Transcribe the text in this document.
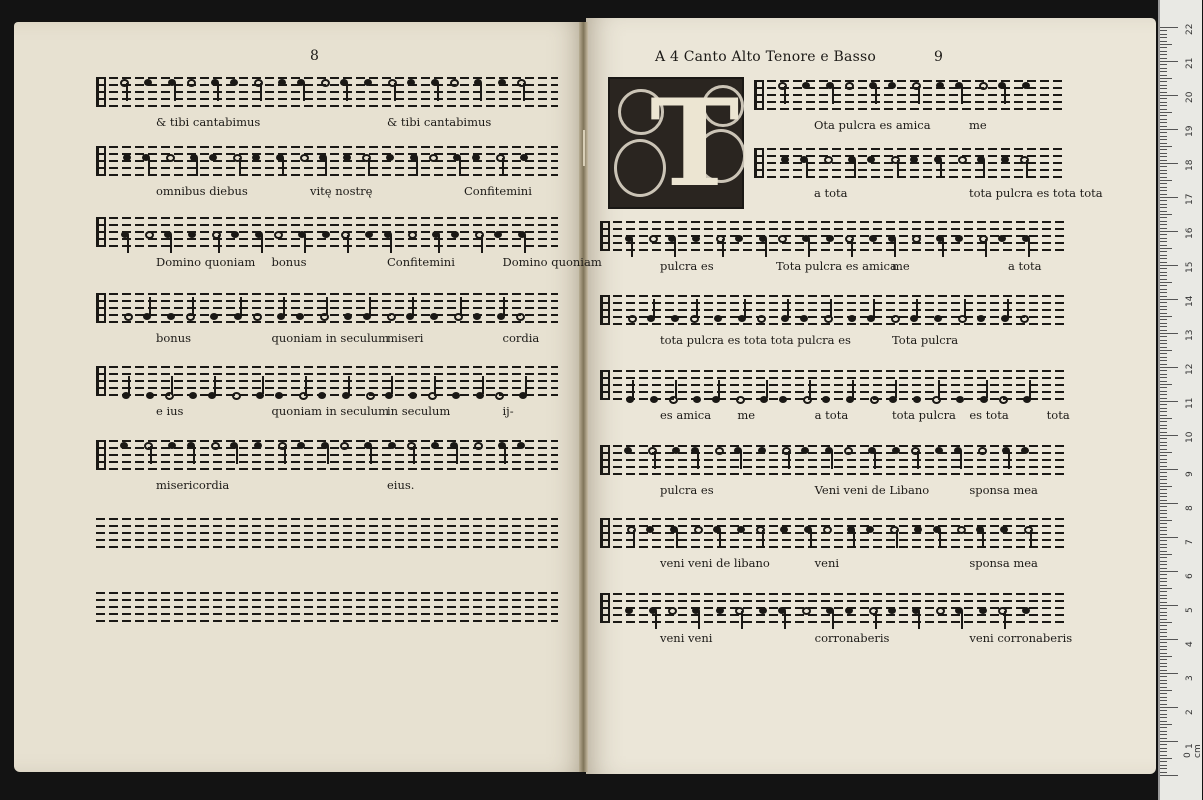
8	A 4 Canto Alto Tenore e Basso	9
T
& tibi cantabimus	& tibi cantabimus
omnibus diebus	vitę nostrę	Confitemini
Domino quoniam bonus	Confitemini	Domino quoniam
bonus	quoniam in seculum
miseri	cordia
e ius	quoniam in seculum
in seculum	ij-
misericordia	eius.
Ota pulcra es amica	me
a tota	tota pulcra es tota tota
pulcra es	Tota pulcra es amica
me	a tota
tota pulcra es tota tota pulcra es	Tota pulcra
es amica me	a tota	tota pulcra es tota	tota
pulcra es	Veni veni de Libano	sponsa mea
veni veni de libano	veni	sponsa mea
veni veni	corronaberis	veni corronaberis
1
2
3
4
5
6
7
8
9
10
11
12
13
14
15
16
17
18
19
20
21
22
0 cm
